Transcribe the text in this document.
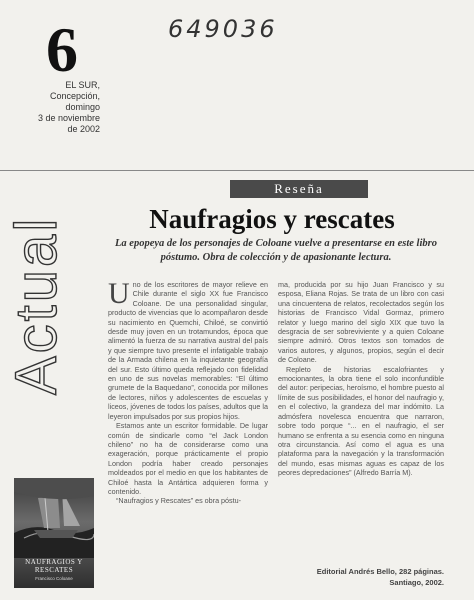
6	649036
EL SUR,
Concepción,
domingo
3 de noviembre
de 2002
Actual
Reseña
Naufragios y rescates
La epopeya de los personajes de Coloane vuelve a presentarse en este libro póstumo. Obra de colección y de apasionante lectura.

Uno de los escritores de mayor relieve en Chile durante el siglo XX fue Francisco Coloane. De una personalidad singular, producto de vivencias que lo acompañaron desde su nacimiento en Quemchi, Chiloé, se convirtió desde muy joven en un trotamundos, época que alimentó la fuerza de su narrativa austral del país y que siempre tuvo presente el infatigable trabajo de la Armada chilena en la inquietante geografía del sur. Esto último queda reflejado con fidelidad en uno de sus novelas memorables: “El último grumete de la Baquedano”, conocida por millones de lectores, niños y adolescentes de escuelas y liceos, jóvenes de todos los países, adultos que la leyeron impulsados por sus propios hijos.

Estamos ante un escritor formidable. De lugar común de sindicarle como “el Jack London chileno” no ha de considerarse como una exageración, porque prácticamente el propio London podría haber creado personajes moldeados por el medio en que los habitantes de Chiloé hasta la Antártica adquieren forma y contenido.

“Naufragios y Rescates” es obra póstu-

ma, producida por su hijo Juan Francisco y su esposa, Eliana Rojas. Se trata de un libro con casi una cincuentena de relatos, recolectados según los historias de Francisco Vidal Gormaz, primero relator y luego marino del siglo XIX que tuvo la desgracia de ser sobreviviente y a quien Coloane siempre admiró. Otros textos son tomados de varios autores, y algunos, propios, según el decir de Coloane.

Repleto de historias escalofriantes y emocionantes, la obra tiene el solo inconfundible del autor: peripecias, heroísmo, el hombre puesto al límite de sus posibilidades, el honor del naufragio y, en el colectivo, la grandeza del mar indómito. La admósfera novelesca encuentra que narraron, sobre todo porque “... en el naufragio, el ser humano se enfrenta a su esencia como en ninguna otra circunstancia. Así como el agua es una plataforma para la navegación y la transformación del mundo, esas mismas aguas es capaz de los peores depredaciones” (Alfredo Barría M).

Editorial Andrés Bello, 282 páginas.
Santiago, 2002.
NAUFRAGIOS Y RESCATES
Francisco Coloane
